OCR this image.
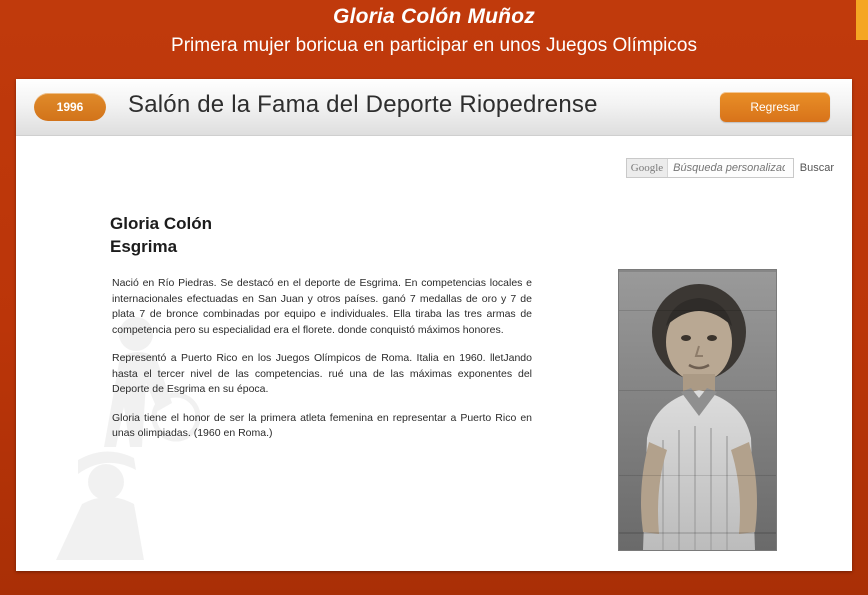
Gloria Colón Muñoz
Primera mujer boricua en participar en unos Juegos Olímpicos
1996	Salón de la Fama del Deporte Riopedrense	Regresar
Google
Búsqueda personalizada	Buscar
Gloria Colón
Esgrima

Nació en Río Piedras. Se destacó en el deporte de Esgrima. En competencias locales e internacionales efectuadas en San Juan y otros países. ganó 7 medallas de oro y 7 de plata 7 de bronce combinadas por equipo e individuales. Ella tiraba las tres armas de competencia pero su especialidad era el florete. donde conquistó máximos honores.

Representó a Puerto Rico en los Juegos Olímpicos de Roma. Italia en 1960. lletJando hasta el tercer nivel de las competencias. rué una de las máximas exponentes del Deporte de Esgrima en su época.

Gloria tiene el honor de ser la primera atleta femenina en representar a Puerto Rico en unas olimpiadas. (1960 en Roma.)
